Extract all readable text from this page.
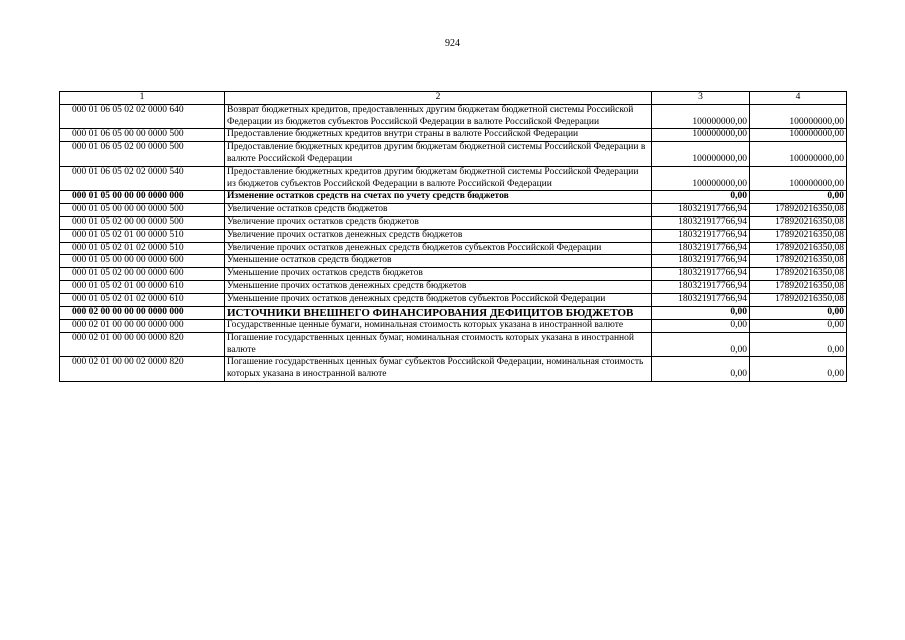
924
1	2	3	4
000 01 06 05 02 02 0000 640	Возврат бюджетных кредитов, предоставленных другим бюджетам бюджетной системы Российской Федерации из бюджетов субъектов Российской Федерации в валюте Российской Федерации	100000000,00	100000000,00
000 01 06 05 00 00 0000 500	Предоставление бюджетных кредитов внутри страны в валюте Российской Федерации	100000000,00	100000000,00
000 01 06 05 02 00 0000 500	Предоставление бюджетных кредитов другим бюджетам бюджетной системы Российской Федерации в валюте Российской Федерации	100000000,00	100000000,00
000 01 06 05 02 02 0000 540	Предоставление бюджетных кредитов другим бюджетам бюджетной системы Российской Федерации из бюджетов субъектов Российской Федерации в валюте Российской Федерации	100000000,00	100000000,00
000 01 05 00 00 00 0000 000	Изменение остатков средств на счетах по учету средств бюджетов	0,00	0,00
000 01 05 00 00 00 0000 500	Увеличение остатков средств бюджетов	180321917766,94	178920216350,08
000 01 05 02 00 00 0000 500	Увеличение прочих остатков средств бюджетов	180321917766,94	178920216350,08
000 01 05 02 01 00 0000 510	Увеличение прочих остатков денежных средств бюджетов	180321917766,94	178920216350,08
000 01 05 02 01 02 0000 510	Увеличение прочих остатков денежных средств бюджетов субъектов Российской Федерации	180321917766,94	178920216350,08
000 01 05 00 00 00 0000 600	Уменьшение остатков средств бюджетов	180321917766,94	178920216350,08
000 01 05 02 00 00 0000 600	Уменьшение прочих остатков средств бюджетов	180321917766,94	178920216350,08
000 01 05 02 01 00 0000 610	Уменьшение прочих остатков денежных средств бюджетов	180321917766,94	178920216350,08
000 01 05 02 01 02 0000 610	Уменьшение прочих остатков денежных средств бюджетов субъектов Российской Федерации	180321917766,94	178920216350,08
000 02 00 00 00 00 0000 000	ИСТОЧНИКИ ВНЕШНЕГО ФИНАНСИРОВАНИЯ ДЕФИЦИТОВ БЮДЖЕТОВ	0,00	0,00
000 02 01 00 00 00 0000 000	Государственные ценные бумаги, номинальная стоимость которых указана в иностранной валюте	0,00	0,00
000 02 01 00 00 00 0000 820	Погашение государственных ценных бумаг, номинальная стоимость которых указана в иностранной валюте	0,00	0,00
000 02 01 00 00 02 0000 820	Погашение государственных ценных бумаг субъектов Российской Федерации, номинальная стоимость которых указана в иностранной валюте	0,00	0,00
